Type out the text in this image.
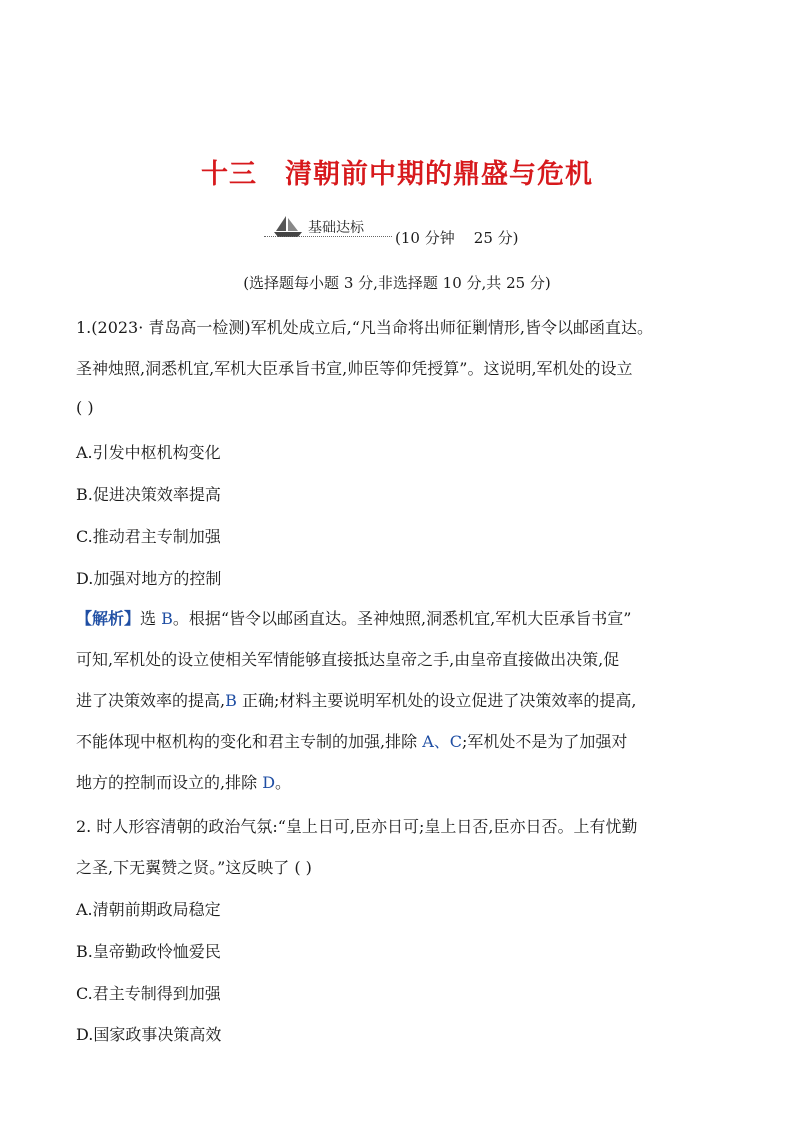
十三 清朝前中期的鼎盛与危机
基础达标
(10 分钟    25 分)
(选择题每小题 3 分,非选择题 10 分,共 25 分)
1.(2023· 青岛高一检测)军机处成立后,“凡当命将出师征剿情形,皆令以邮函直达。
圣神烛照,洞悉机宜,军机大臣承旨书宣,帅臣等仰凭授算”。这说明,军机处的设立
( )
A.引发中枢机构变化
B.促进决策效率提高
C.推动君主专制加强
D.加强对地方的控制
【解析】选 B。根据“皆令以邮函直达。圣神烛照,洞悉机宜,军机大臣承旨书宣”
可知,军机处的设立使相关军情能够直接抵达皇帝之手,由皇帝直接做出决策,促
进了决策效率的提高,B 正确;材料主要说明军机处的设立促进了决策效率的提高,
不能体现中枢机构的变化和君主专制的加强,排除 A、C;军机处不是为了加强对
地方的控制而设立的,排除 D。
2. 时人形容清朝的政治气氛:“皇上日可,臣亦日可;皇上日否,臣亦日否。上有忧勤
之圣,下无翼赞之贤。”这反映了 ( )
A.清朝前期政局稳定
B.皇帝勤政怜恤爱民
C.君主专制得到加强
D.国家政事决策高效
